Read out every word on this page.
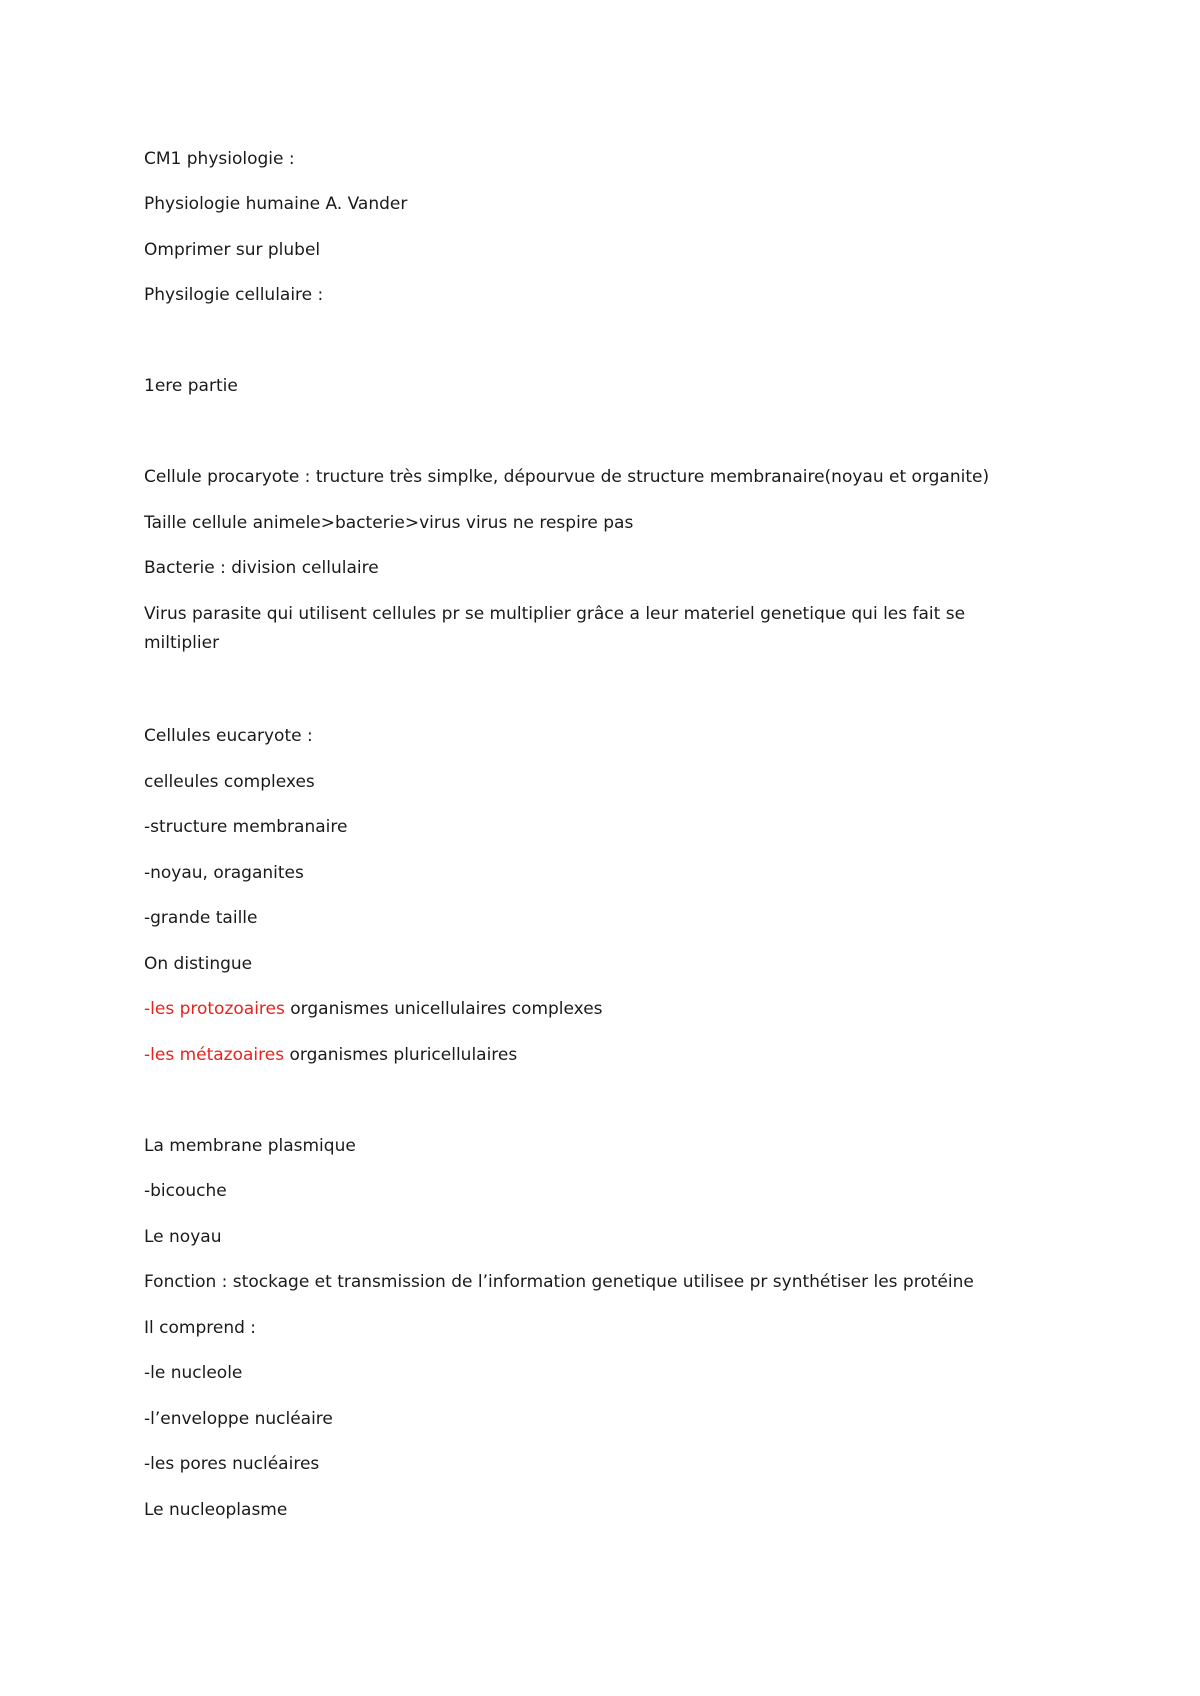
CM1 physiologie :
Physiologie humaine A. Vander
Omprimer sur plubel
Physilogie cellulaire :
1ere partie
Cellule procaryote : tructure très simplke, dépourvue de structure membranaire(noyau et organite)
Taille cellule animele>bacterie>virus virus ne respire pas
Bacterie : division cellulaire
Virus parasite qui utilisent cellules pr se multiplier grâce a leur materiel genetique qui les fait se miltiplier
Cellules eucaryote :
celleules complexes
-structure membranaire
-noyau, oraganites
-grande taille
On distingue
-les protozoaires organismes unicellulaires complexes
-les métazoaires organismes pluricellulaires
La membrane plasmique
-bicouche
Le noyau
Fonction : stockage et transmission de l’information genetique utilisee pr synthétiser les protéine
Il comprend :
-le nucleole
-l’enveloppe nucléaire
-les pores nucléaires
Le nucleoplasme
